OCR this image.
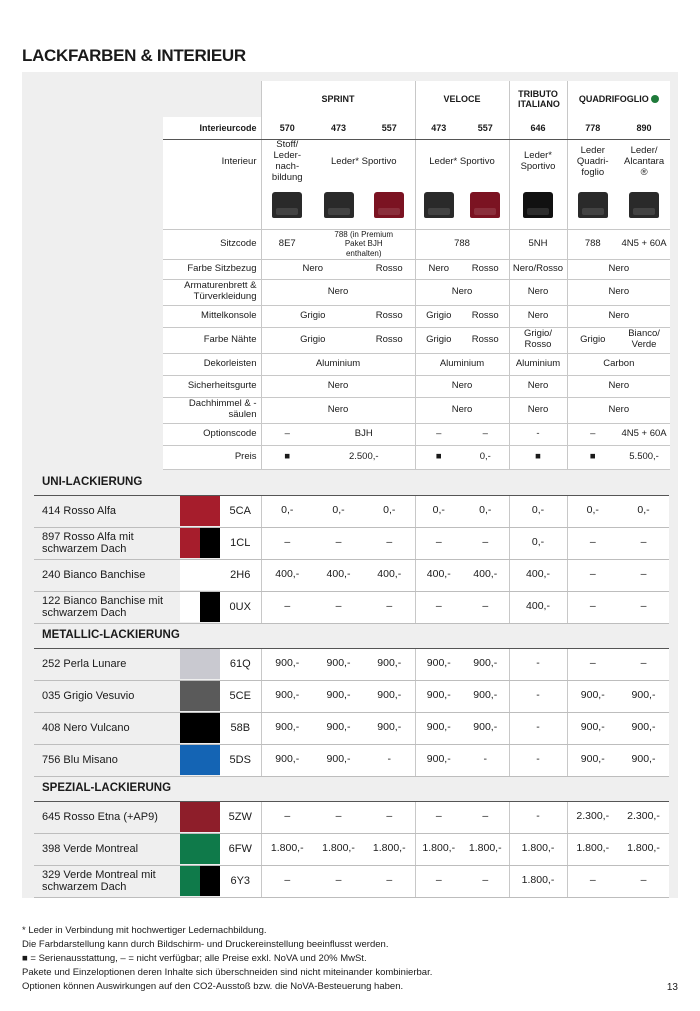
LACKFARBEN & INTERIEUR
	SPRINT			VELOCE		TRIBUTO ITALIANO	QUADRIFOGLIO	
Interieurcode	570	473	557	473	557	646	778	890
Interieur	Stoff/ Leder- nach- bildung	Leder* Sportivo		Leder* Sportivo		Leder* Sportivo	Leder Quadri- foglio	Leder/ Alcantara ®

Sitzcode	8E7	788 (in Premium Paket BJH enthalten)		788		5NH	788	4N5 + 60A
Farbe Sitzbezug	Nero		Rosso	Nero	Rosso	Nero/Rosso	Nero	
Armaturenbrett & Türverkleidung	Nero			Nero		Nero	Nero	
Mittelkonsole	Grigio		Rosso	Grigio	Rosso	Nero	Nero	
Farbe Nähte	Grigio		Rosso	Grigio	Rosso	Grigio/ Rosso	Grigio	Bianco/ Verde
Dekorleisten	Aluminium			Aluminium		Aluminium	Carbon	
Sicherheitsgurte	Nero			Nero		Nero	Nero	
Dachhimmel & -säulen	Nero			Nero		Nero	Nero	
Optionscode	–	BJH		–	–	-	–	4N5 + 60A
Preis	■	2.500,-		■	0,-	■	■	5.500,-
UNI-LACKIERUNG										
414 Rosso Alfa		5CA	0,-	0,-	0,-	0,-	0,-	0,-	0,-	0,-
897 Rosso Alfa mit schwarzem Dach		1CL	–	–	–	–	–	0,-	–	–
240 Bianco Banchise		2H6	400,-	400,-	400,-	400,-	400,-	400,-	–	–
122 Bianco Banchise mit schwarzem Dach		0UX	–	–	–	–	–	400,-	–	–
METALLIC-LACKIERUNG										
252 Perla Lunare		61Q	900,-	900,-	900,-	900,-	900,-	-	–	–
035 Grigio Vesuvio		5CE	900,-	900,-	900,-	900,-	900,-	-	900,-	900,-
408 Nero Vulcano		58B	900,-	900,-	900,-	900,-	900,-	-	900,-	900,-
756 Blu Misano		5DS	900,-	900,-	-	900,-	-	-	900,-	900,-
SPEZIAL-LACKIERUNG										
645 Rosso Etna (+AP9)		5ZW	–	–	–	–	–	-	2.300,-	2.300,-
398 Verde Montreal		6FW	1.800,-	1.800,-	1.800,-	1.800,-	1.800,-	1.800,-	1.800,-	1.800,-
329 Verde Montreal mit schwarzem Dach		6Y3	–	–	–	–	–	1.800,-	–	–
* Leder in Verbindung mit hochwertiger Ledernachbildung.
Die Farbdarstellung kann durch Bildschirm- und Druckereinstellung beeinflusst werden.
■ = Serienausstattung, – = nicht verfügbar; alle Preise exkl. NoVA und 20% MwSt.
Pakete und Einzeloptionen deren Inhalte sich überschneiden sind nicht miteinander kombinierbar.
Optionen können Auswirkungen auf den CO2-Ausstoß bzw. die NoVA-Besteuerung haben.	13
